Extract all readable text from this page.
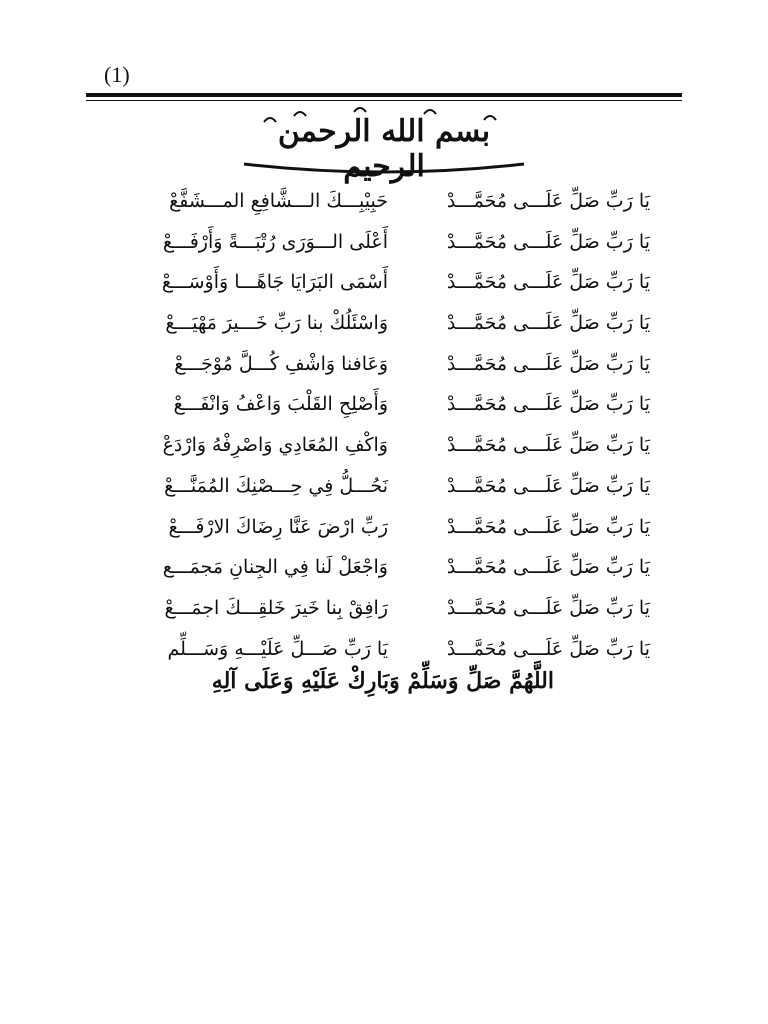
(1)
بسم الله الرحمن الرحيم
يَا رَبِّ صَلِّ عَلَـــى مُحَمَّـــدْ
حَبِيْبِـــكَ الـــشَّافِعِ المـــشَفَّعْ
يَا رَبِّ صَلِّ عَلَـــى مُحَمَّـــدْ
أَعْلَى الـــوَرَى رُتْبَـــةً وَأَرْفَـــعْ
يَا رَبِّ صَلِّ عَلَـــى مُحَمَّـــدْ
أَسْمَى البَرَايَا جَاهًـــا وَأَوْسَـــعْ
يَا رَبِّ صَلِّ عَلَـــى مُحَمَّـــدْ
وَاسْئَلُكْ بنا رَبِّ خَـــيرَ مَهْيَـــعْ
يَا رَبِّ صَلِّ عَلَـــى مُحَمَّـــدْ
وَعَافنا وَاشْفِ كُـــلَّ مُوْجَـــعْ
يَا رَبِّ صَلِّ عَلَـــى مُحَمَّـــدْ
وَأَصْلِحِ القَلْبَ وَاعْفُ وَانْفَـــعْ
يَا رَبِّ صَلِّ عَلَـــى مُحَمَّـــدْ
وَاكْفِ المُعَادِي وَاصْرِفْهُ وَارْدَعْ
يَا رَبِّ صَلِّ عَلَـــى مُحَمَّـــدْ
نَحُـــلُّ فِي حِـــصْنِكَ المُمَنَّـــعْ
يَا رَبِّ صَلِّ عَلَـــى مُحَمَّـــدْ
رَبِّ ارْضَ عَنَّا رِضَاكَ الارْفَـــعْ
يَا رَبِّ صَلِّ عَلَـــى مُحَمَّـــدْ
وَاجْعَلْ لَنا فِي الجِنانِ مَجمَـــع
يَا رَبِّ صَلِّ عَلَـــى مُحَمَّـــدْ
رَافِقْ بِنا خَيرَ خَلقِـــكَ اجمَـــعْ
يَا رَبِّ صَلِّ عَلَـــى مُحَمَّـــدْ
يَا رَبِّ صَـــلِّ عَلَيْـــهِ وَسَـــلِّم
اللَّهُمَّ صَلِّ وَسَلِّمْ وَبَارِكْ عَلَيْهِ وَعَلَى آلِهِ
